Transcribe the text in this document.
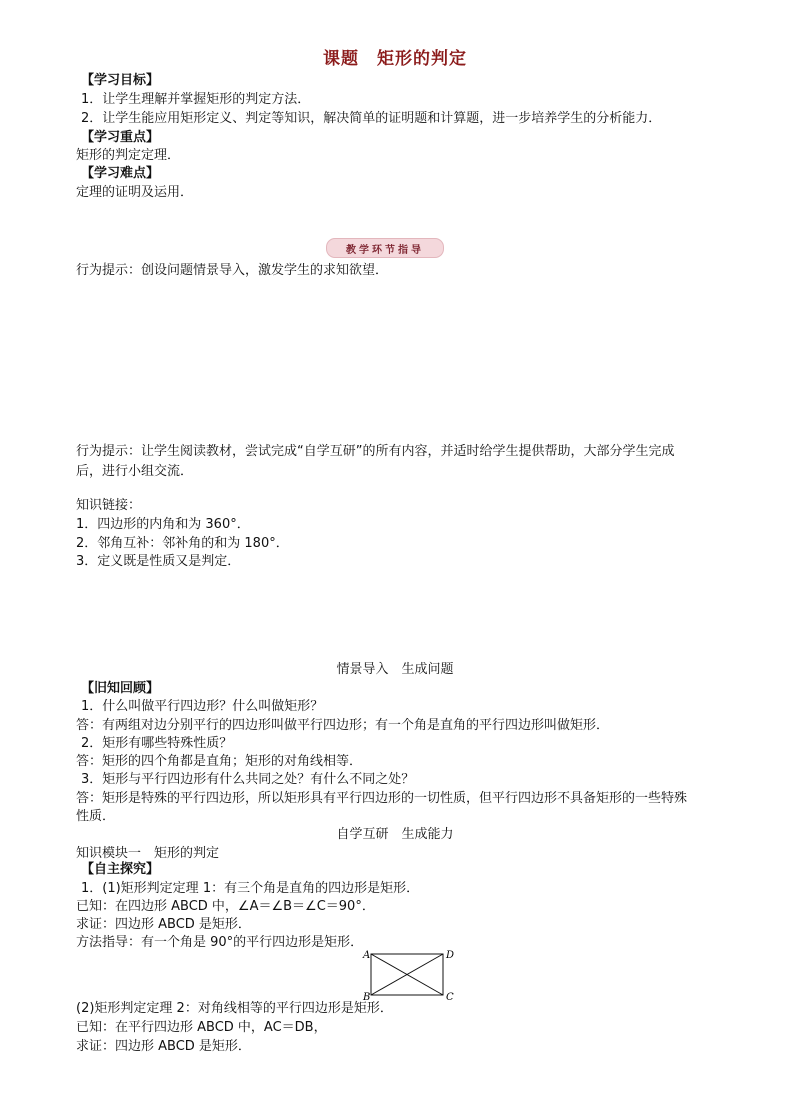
课题　矩形的判定
【学习目标】
1．让学生理解并掌握矩形的判定方法．
2．让学生能应用矩形定义、判定等知识，解决简单的证明题和计算题，进一步培养学生的分析能力．
【学习重点】
矩形的判定定理．
【学习难点】
定理的证明及运用．
教学环节指导
行为提示：创设问题情景导入，激发学生的求知欲望．
行为提示：让学生阅读教材，尝试完成“自学互研”的所有内容，并适时给学生提供帮助，大部分学生完成
后，进行小组交流．
知识链接：
1．四边形的内角和为 360°．
2．邻角互补：邻补角的和为 180°．
3．定义既是性质又是判定．
情景导入　生成问题
【旧知回顾】
1．什么叫做平行四边形？什么叫做矩形？
答：有两组对边分别平行的四边形叫做平行四边形；有一个角是直角的平行四边形叫做矩形．
2．矩形有哪些特殊性质？
答：矩形的四个角都是直角；矩形的对角线相等．
3．矩形与平行四边形有什么共同之处？有什么不同之处？
答：矩形是特殊的平行四边形，所以矩形具有平行四边形的一切性质，但平行四边形不具备矩形的一些特殊
性质．
自学互研　生成能力
知识模块一　矩形的判定
【自主探究】
1．(1)矩形判定定理 1：有三个角是直角的四边形是矩形．
已知：在四边形 ABCD 中，∠A＝∠B＝∠C＝90°．
求证：四边形 ABCD 是矩形．
方法指导：有一个角是 90°的平行四边形是矩形．
A	D
B	C
(2)矩形判定定理 2：对角线相等的平行四边形是矩形．
已知：在平行四边形 ABCD 中，AC＝DB，
求证：四边形 ABCD 是矩形．
